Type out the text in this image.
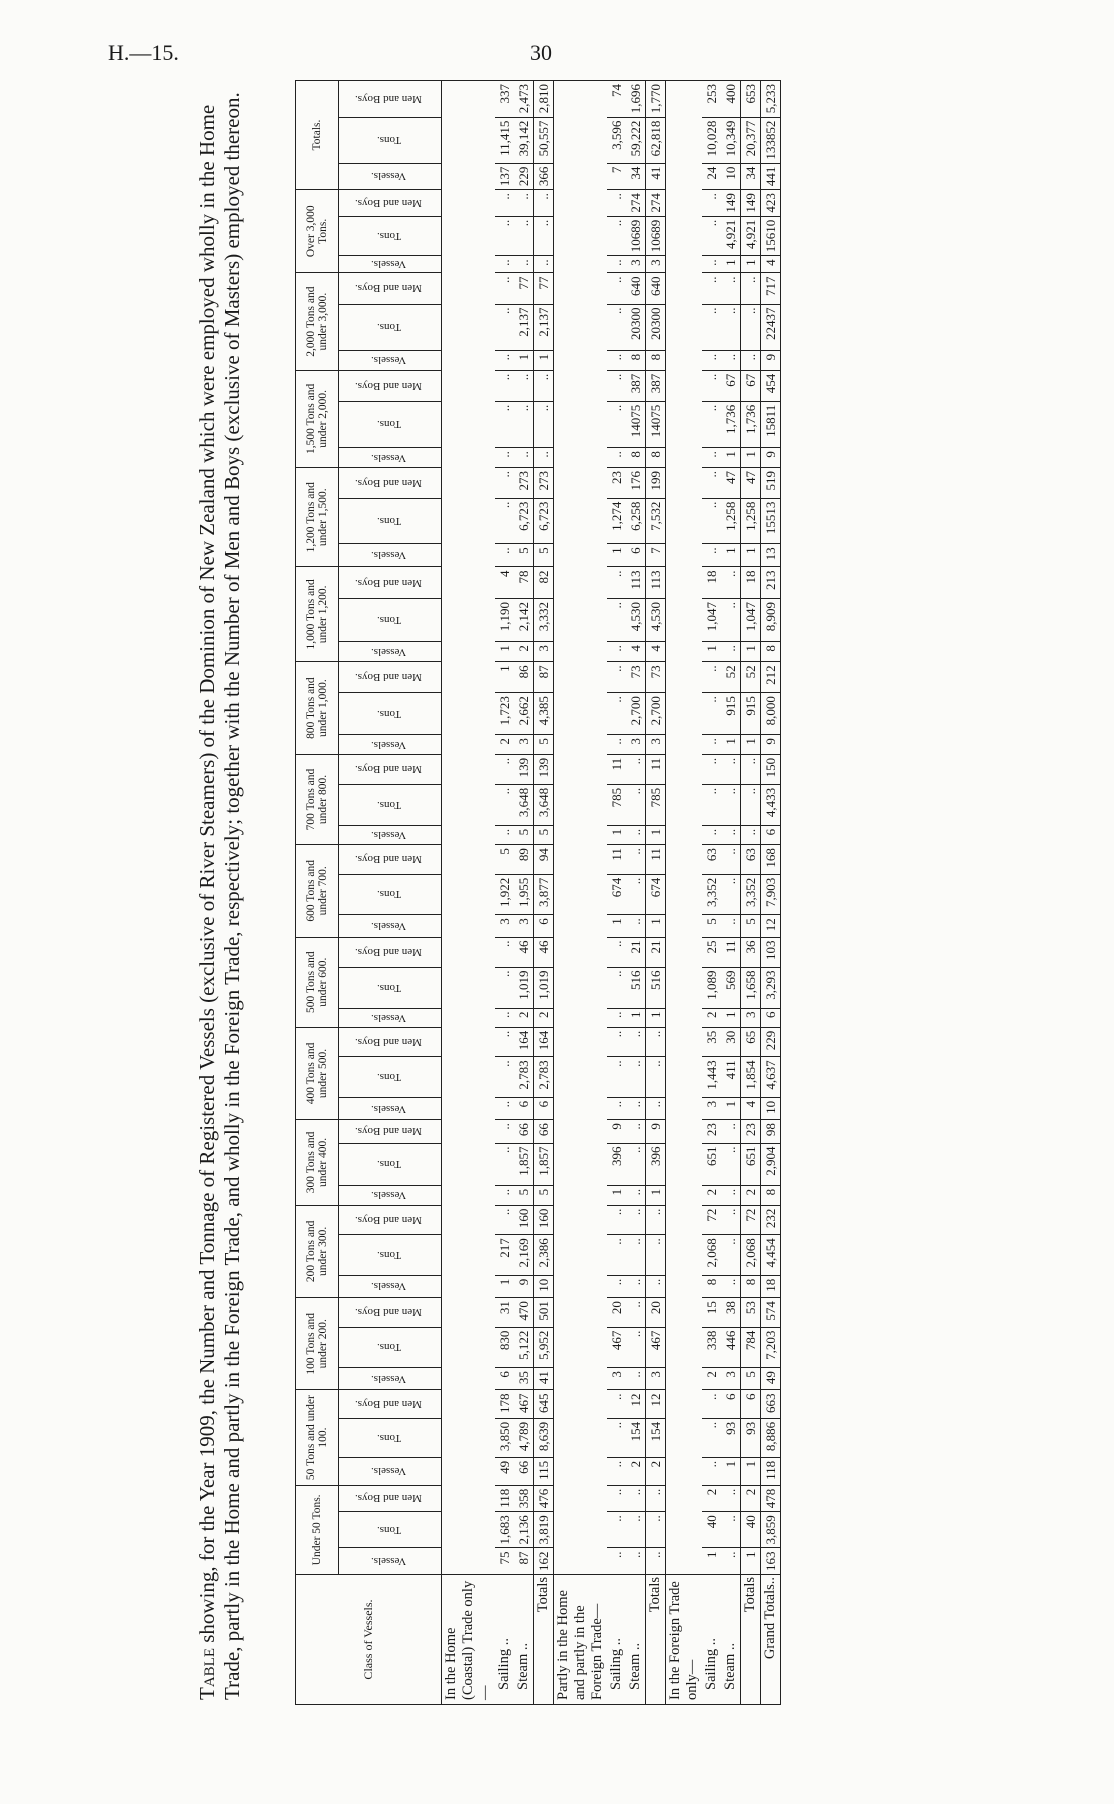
H.—15.	30
Table showing, for the Year 1909, the Number and Tonnage of Registered Vessels (exclusive of River Steamers) of the Dominion of New Zealand which were employed wholly in the Home Trade, partly in the Home and partly in the Foreign Trade, and wholly in the Foreign Trade, respectively; together with the Number of Men and Boys (exclusive of Masters) employed thereon.	Class of Vessels.	Under 50 Tons.			50 Tons and under 100.			100 Tons and under 200.			200 Tons and under 300.			300 Tons and under 400.			400 Tons and under 500.			500 Tons and under 600.			600 Tons and under 700.			700 Tons and under 800.			800 Tons and under 1,000.			1,000 Tons and under 1,200.			1,200 Tons and under 1,500.			1,500 Tons and under 2,000.			2,000 Tons and under 3,000.			Over 3,000 Tons.			Totals.		
	Vessels.	Tons.	Men and Boys.	Vessels.	Tons.	Men and Boys.	Vessels.	Tons.	Men and Boys.	Vessels.	Tons.	Men and Boys.	Vessels.	Tons.	Men and Boys.	Vessels.	Tons.	Men and Boys.	Vessels.	Tons.	Men and Boys.	Vessels.	Tons.	Men and Boys.	Vessels.	Tons.	Men and Boys.	Vessels.	Tons.	Men and Boys.	Vessels.	Tons.	Men and Boys.	Vessels.	Tons.	Men and Boys.	Vessels.	Tons.	Men and Boys.	Vessels.	Tons.	Men and Boys.	Vessels.	Tons.	Men and Boys.	Vessels.	Tons.	Men and Boys.
In the Home (Coastal) Trade only—																																																
Sailing ..	75	1,683	118	49	3,850	178	6	830	31	1	217	..	..	..	..	..	..	..	..	..	..	3	1,922	5	..	..	..	2	1,723	1	1	1,190	4	..	..	..	..	..	..	..	..	..	..	..	..	137	11,415	337
Steam ..	87	2,136	358	66	4,789	467	35	5,122	470	9	2,169	160	5	1,857	66	6	2,783	164	2	1,019	46	3	1,955	89	5	3,648	139	3	2,662	86	2	2,142	78	5	6,723	273	..	..	..	1	2,137	77	..	..	..	229	39,142	2,473
Totals	162	3,819	476	115	8,639	645	41	5,952	501	10	2,386	160	5	1,857	66	6	2,783	164	2	1,019	46	6	3,877	94	5	3,648	139	5	4,385	87	3	3,332	82	5	6,723	273	..	..	..	1	2,137	77	..	..	..	366	50,557	2,810
Partly in the Home and partly in the Foreign Trade—																																																
Sailing ..	..	..	..	..	..	..	3	467	20	..	..	..	1	396	9	..	..	..	..	..	..	1	674	11	1	785	11	..	..	..	..	..	..	1	1,274	23	..	..	..	..	..	..	..	..	..	7	3,596	74
Steam ..	..	..	..	2	154	12	..	..	..	..	..	..	..	..	..	..	..	..	1	516	21	..	..	..	..	..	..	3	2,700	73	4	4,530	113	6	6,258	176	8	14075	387	8	20300	640	3	10689	274	34	59,222	1,696
Totals	..	..	..	2	154	12	3	467	20	..	..	..	1	396	9	..	..	..	1	516	21	1	674	11	1	785	11	3	2,700	73	4	4,530	113	7	7,532	199	8	14075	387	8	20300	640	3	10689	274	41	62,818	1,770
In the Foreign Trade only—																																																
Sailing ..	1	40	2	..	..	..	2	338	15	8	2,068	72	2	651	23	3	1,443	35	2	1,089	25	5	3,352	63	..	..	..	..	..	..	1	1,047	18	..	..	..	..	..	..	..	..	..	..	..	..	24	10,028	253
Steam ..	..	..	..	1	93	6	3	446	38	..	..	..	..	..	..	1	411	30	1	569	11	..	..	..	..	..	..	1	915	52	..	..	..	1	1,258	47	1	1,736	67	..	..	..	1	4,921	149	10	10,349	400
Totals	1	40	2	1	93	6	5	784	53	8	2,068	72	2	651	23	4	1,854	65	3	1,658	36	5	3,352	63	..	..	..	1	915	52	1	1,047	18	1	1,258	47	1	1,736	67	..	..	..	1	4,921	149	34	20,377	653
Grand Totals..	163	3,859	478	118	8,886	663	49	7,203	574	18	4,454	232	8	2,904	98	10	4,637	229	6	3,293	103	12	7,903	168	6	4,433	150	9	8,000	212	8	8,909	213	13	15513	519	9	15811	454	9	22437	717	4	15610	423	441	133852	5,233
